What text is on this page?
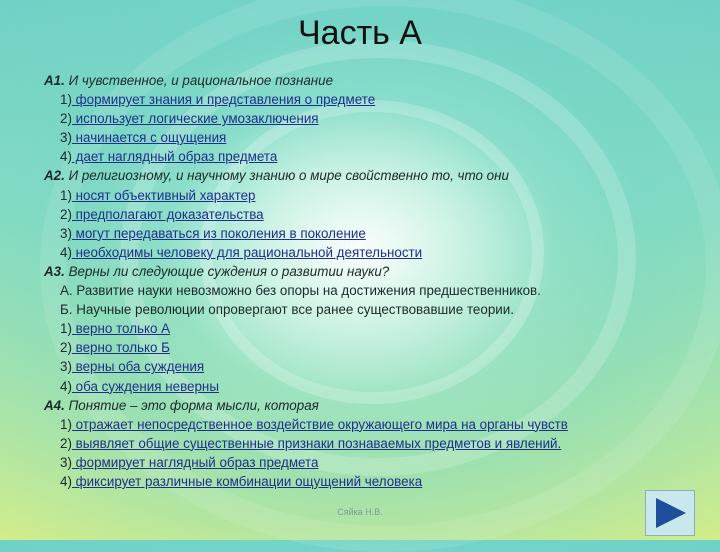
Часть А
А1. И чувственное, и рациональное познание
1) формирует знания и представления о предмете
2) использует логические умозаключения
3) начинается с ощущения
4) дает наглядный образ предмета
А2. И религиозному, и научному знанию о мире свойственно то, что они
1) носят объективный характер
2) предполагают доказательства
3) могут передаваться из поколения в поколение
4) необходимы человеку для рациональной деятельности
А3. Верны ли следующие суждения о развитии науки?
А. Развитие науки невозможно без опоры на достижения предшественников.
Б. Научные революции опровергают все ранее существовавшие теории.
1) верно только А
2) верно только Б
3) верны оба суждения
4) оба суждения неверны
А4. Понятие – это форма мысли, которая
1) отражает непосредственное воздействие окружающего мира на органы чувств
2) выявляет общие существенные признаки познаваемых предметов и явлений.
3) формирует наглядный образ предмета
4) фиксирует различные комбинации ощущений человека
Сяйка Н.В.
